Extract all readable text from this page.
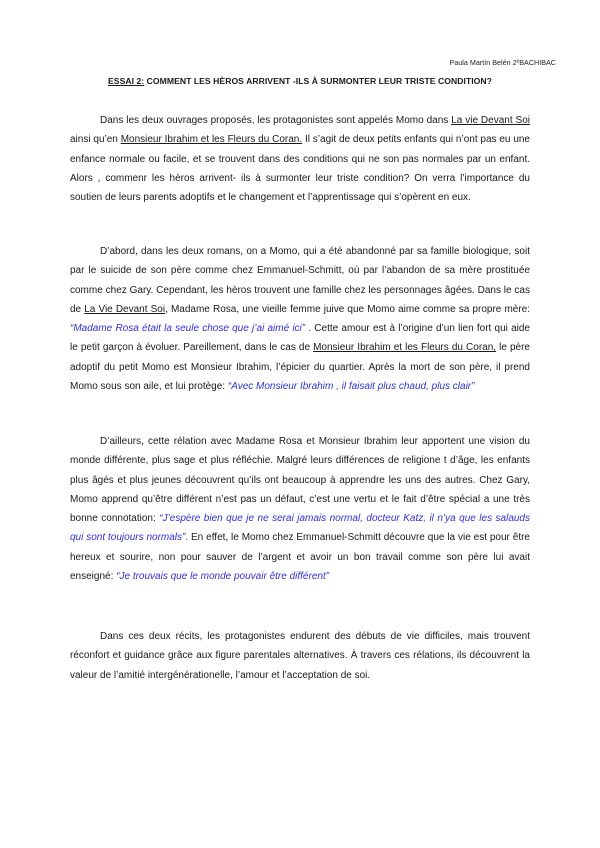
Paula Martín Belén 2ºBACHIBAC
ESSAI 2: COMMENT LES HÈROS ARRIVENT -ILS À SURMONTER LEUR TRISTE CONDITION?

Dans les deux ouvrages proposés, les protagonistes sont appelés Momo dans La vie Devant Soi ainsi qu’en Monsieur Ibrahim et les Fleurs du Coran. Il s’agit de deux petits enfants qui n’ont pas eu une enfance normale ou facile, et se trouvent dans des conditions qui ne son pas normales par un enfant. Alors , commenr les hèros arrivent- ils à surmonter leur triste condition? On verra l’importance du soutien de leurs parents adoptifs et le changement et l’apprentissage qui s’opèrent en eux.

D’abord, dans les deux romans, on a Momo, qui a été abandonné par sa famille biologique, soit par le suicide de son père comme chez Emmanuel-Schmitt, où par l’abandon de sa mère prostituée comme chez Gary. Cependant, les hèros trouvent une famille chez les personnages âgées. Dans le cas de La Vie Devant Soi, Madame Rosa, une vieille femme juive que Momo aime comme sa propre mère: “Madame Rosa était la seule chose que j’ai aimé ici” . Cette amour est à l’origine d’un lien fort qui aide le petit garçon à évoluer. Pareillement, dans le cas de Monsieur Ibrahim et les Fleurs du Coran, le père adoptif du petit Momo est Monsieur Ibrahim, l’épicier du quartier. Après la mort de son père, il prend Momo sous son aile, et lui protège: “Avec Monsieur Ibrahim , il faisait plus chaud, plus clair”

D’ailleurs, cette rélation avec Madame Rosa et Monsieur Ibrahim leur apportent une vision du monde différente, plus sage et plus réfléchie. Malgré leurs différences de religione t d’âge, les enfants plus âgés et plus jeunes découvrent qu’ils ont beaucoup à apprendre les uns des autres. Chez Gary, Momo apprend qu’être différent n’est pas un défaut, c’est une vertu et le fait d’être spécial a une très bonne connotation: “J’espère bien que je ne serai jamais normal, docteur Katz, il n’ya que les salauds qui sont toujours normals”. En effet, le Momo chez Emmanuel-Schmitt découvre que la vie est pour être hereux et sourire, non pour sauver de l’argent et avoir un bon travail comme son père lui avait enseigné: “Je trouvais que le monde pouvair être différent”

Dans ces deux récits, les protagonistes endurent des débuts de vie difficiles, mais trouvent réconfort et guidance grâce aux figure parentales alternatives. À travers ces rélations, ils découvrent la valeur de l’amitié intergénérationelle, l’amour et l’acceptation de soi.
